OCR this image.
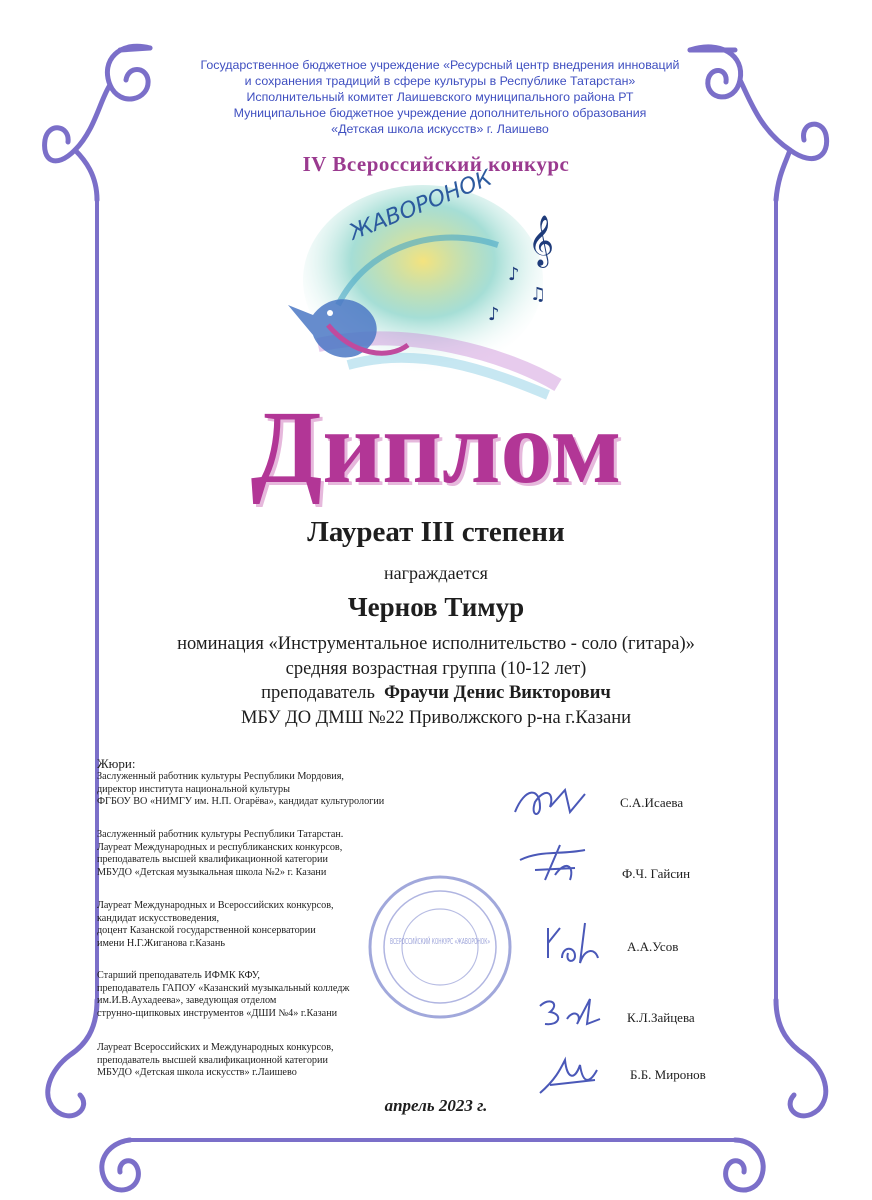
Государственное бюджетное учреждение «Ресурсный центр внедрения инноваций
и сохранения традиций в сфере культуры в Республике Татарстан»
Исполнительный комитет Лаишевского муниципального района РТ
Муниципальное бюджетное учреждение дополнительного образования
«Детская школа искусств» г. Лаишево
IV Всероссийский конкурс
ЖАВОРОНОК 𝄞
♪
♫
♪
Диплом
Лауреат III степени
награждается
Чернов Тимур
номинация «Инструментальное исполнительство - соло (гитара)»
средняя возрастная группа (10-12 лет)
преподаватель Фраучи Денис Викторович
МБУ ДО ДМШ №22 Приволжского р-на г.Казани
Жюри:
Заслуженный работник культуры Республики Мордовия,
директор института национальной культуры
ФГБОУ ВО «НИМГУ им. Н.П. Огарёва», кандидат культурологии	С.А.Исаева
Заслуженный работник культуры Республики Татарстан.
Лауреат Международных и республиканских конкурсов,
преподаватель высшей квалификационной категории
МБУДО «Детская музыкальная школа №2» г. Казани	Ф.Ч. Гайсин
Лауреат Международных и Всероссийских конкурсов,
кандидат искусствоведения,
доцент Казанской государственной консерватории
имени Н.Г.Жиганова г.Казань	А.А.Усов
Старший преподаватель ИФМК КФУ,
преподаватель ГАПОУ «Казанский музыкальный колледж
им.И.В.Аухадеева», заведующая отделом
струнно-щипковых инструментов «ДШИ №4» г.Казани	К.Л.Зайцева
Лауреат Всероссийских и Международных конкурсов,
преподаватель высшей квалификационной категории
МБУДО «Детская школа искусств» г.Лаишево	Б.Б. Миронов
ВСЕРОССИЙСКИЙ КОНКУРС «ЖАВОРОНОК»
апрель 2023 г.
